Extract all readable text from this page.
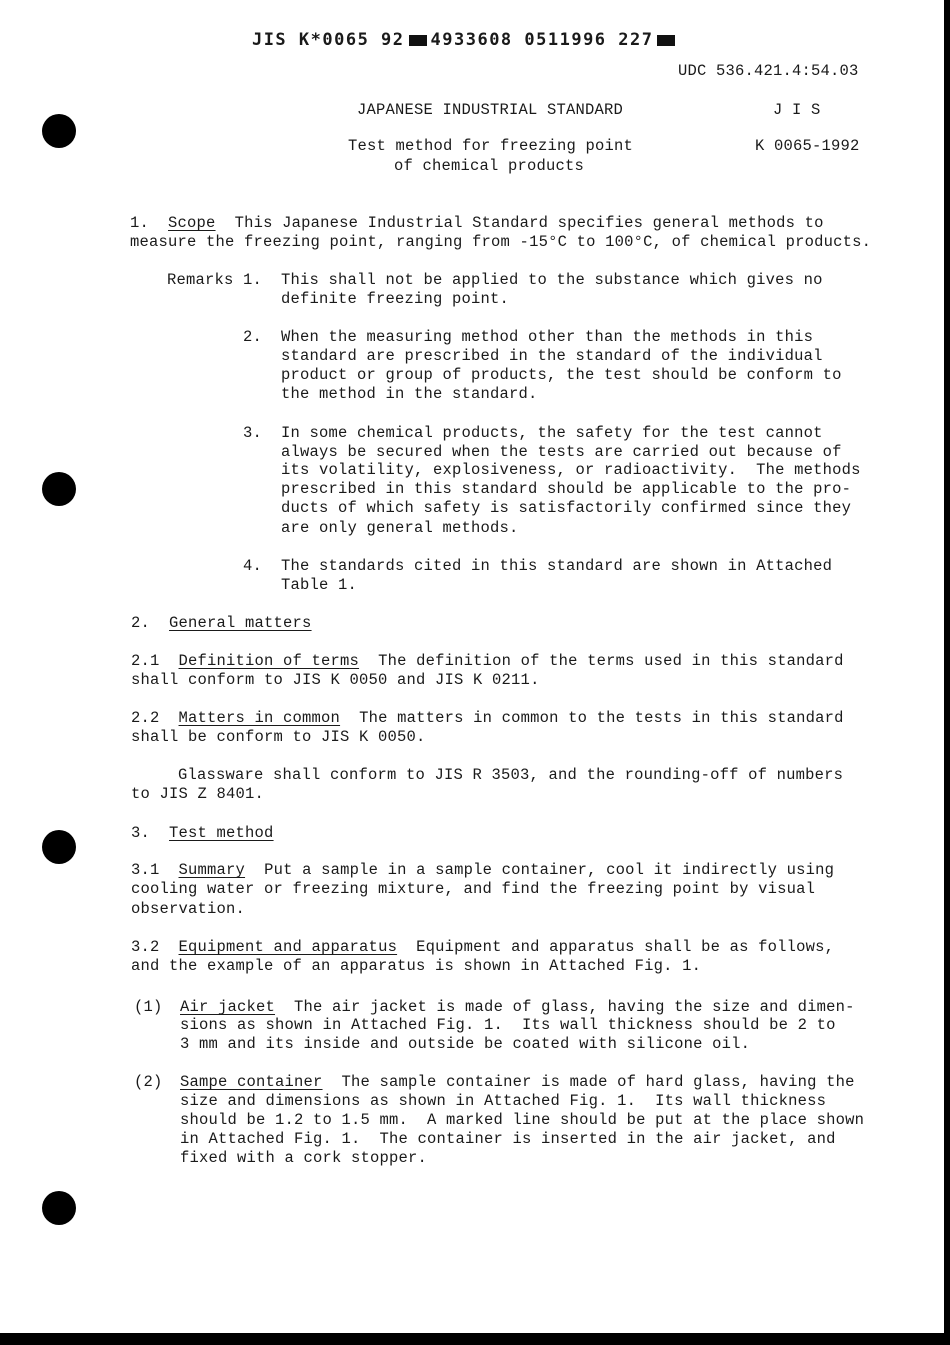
JIS K*0065 92 4933608 0511996 227

UDC 536.421.4:54.03
JAPANESE INDUSTRIAL STANDARD	J I S
Test method for freezing point	K 0065-1992
of chemical products
1. Scope This Japanese Industrial Standard specifies general methods to
measure the freezing point, ranging from -15°C to 100°C, of chemical products.
Remarks 1. This shall not be applied to the substance which gives no
definite freezing point.
2. When the measuring method other than the methods in this
standard are prescribed in the standard of the individual
product or group of products, the test should be conform to
the method in the standard.
3. In some chemical products, the safety for the test cannot
always be secured when the tests are carried out because of
its volatility, explosiveness, or radioactivity.  The methods
prescribed in this standard should be applicable to the pro-
ducts of which safety is satisfactorily confirmed since they
are only general methods.
4. The standards cited in this standard are shown in Attached
Table 1.
2. General matters
2.1 Definition of terms The definition of the terms used in this standard
shall conform to JIS K 0050 and JIS K 0211.
2.2 Matters in common The matters in common to the tests in this standard
shall be conform to JIS K 0050.
Glassware shall conform to JIS R 3503, and the rounding-off of numbers
to JIS Z 8401.
3. Test method
3.1 Summary Put a sample in a sample container, cool it indirectly using
cooling water or freezing mixture, and find the freezing point by visual
observation.
3.2 Equipment and apparatus Equipment and apparatus shall be as follows,
and the example of an apparatus is shown in Attached Fig. 1.
(1) Air jacket The air jacket is made of glass, having the size and dimen-
sions as shown in Attached Fig. 1.  Its wall thickness should be 2 to
3 mm and its inside and outside be coated with silicone oil.
(2) Sampe container The sample container is made of hard glass, having the
size and dimensions as shown in Attached Fig. 1.  Its wall thickness
should be 1.2 to 1.5 mm.  A marked line should be put at the place shown
in Attached Fig. 1.  The container is inserted in the air jacket, and
fixed with a cork stopper.
